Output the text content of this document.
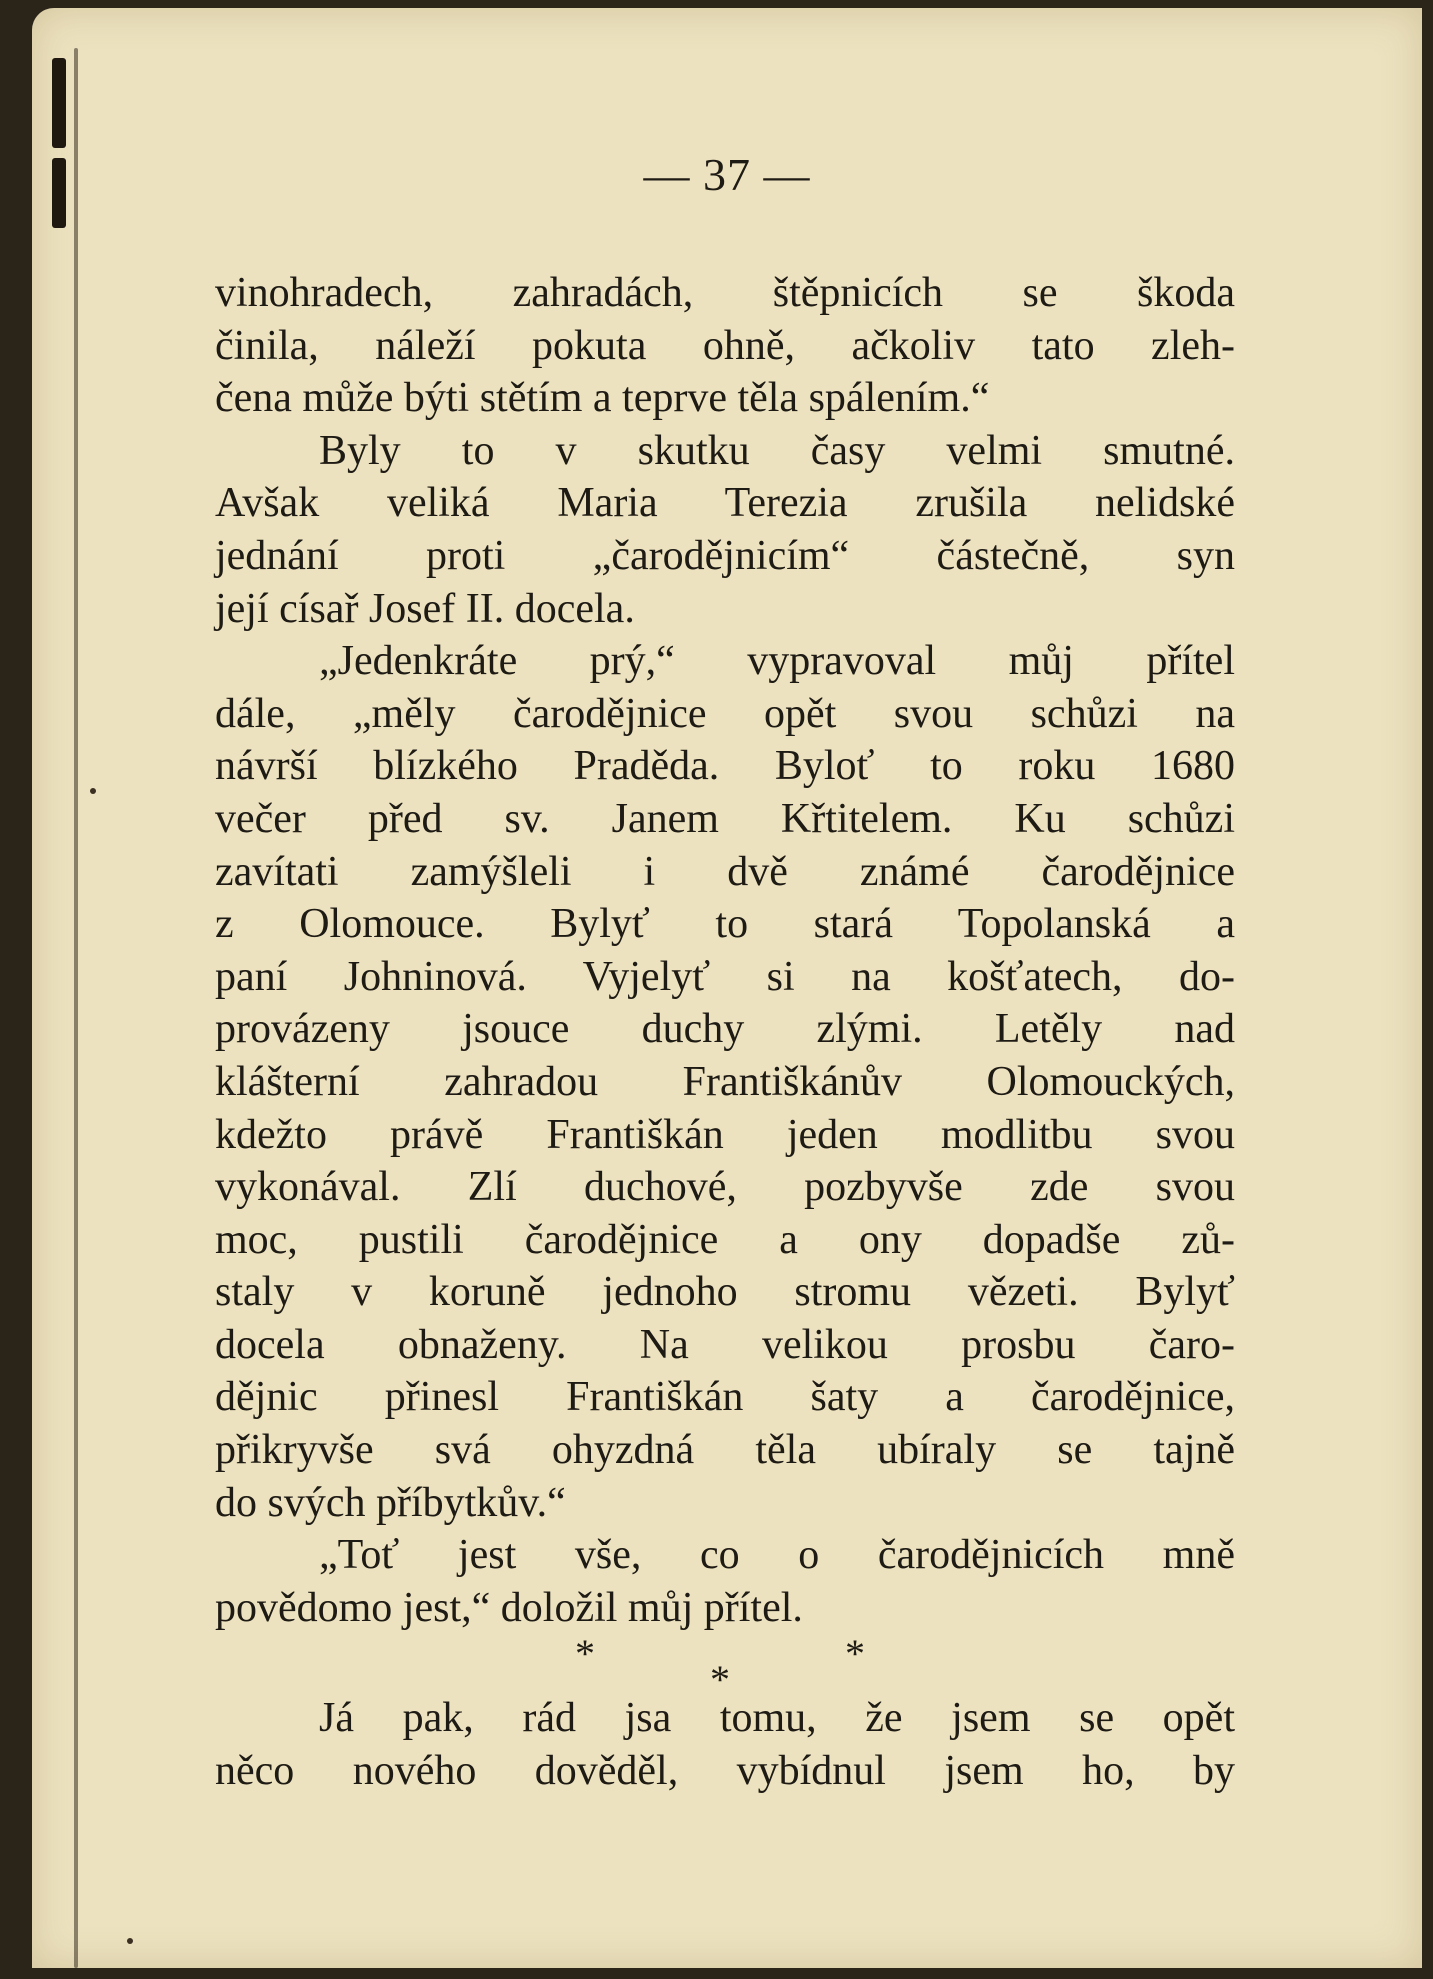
— 37 —
vinohradech, zahradách, štěpnicích se škoda
činila, náleží pokuta ohně, ačkoliv tato zleh-
čena může býti stětím a teprve těla spálením.“
Byly to v skutku časy velmi smutné.
Avšak veliká Maria Terezia zrušila nelidské
jednání proti „čarodějnicím“ částečně, syn
její císař Josef II. docela.
„Jedenkráte prý,“ vypravoval můj přítel
dále, „měly čarodějnice opět svou schůzi na
návrší blízkého Praděda. Byloť to roku 1680
večer před sv. Janem Křtitelem. Ku schůzi
zavítati zamýšleli i dvě známé čarodějnice
z Olomouce. Bylyť to stará Topolanská a
paní Johninová. Vyjelyť si na košťatech, do-
provázeny jsouce duchy zlými. Letěly nad
klášterní zahradou Františkánův Olomouckých,
kdežto právě Františkán jeden modlitbu svou
vykonával. Zlí duchové, pozbyvše zde svou
moc, pustili čarodějnice a ony dopadše zů-
staly v koruně jednoho stromu vězeti. Bylyť
docela obnaženy. Na velikou prosbu čaro-
dějnic přinesl Františkán šaty a čarodějnice,
přikryvše svá ohyzdná těla ubíraly se tajně
do svých příbytkův.“
„Toť jest vše, co o čarodějnicích mně
povědomo jest,“ doložil můj přítel.
*	*
*
Já pak, rád jsa tomu, že jsem se opět
něco nového dověděl, vybídnul jsem ho, by
